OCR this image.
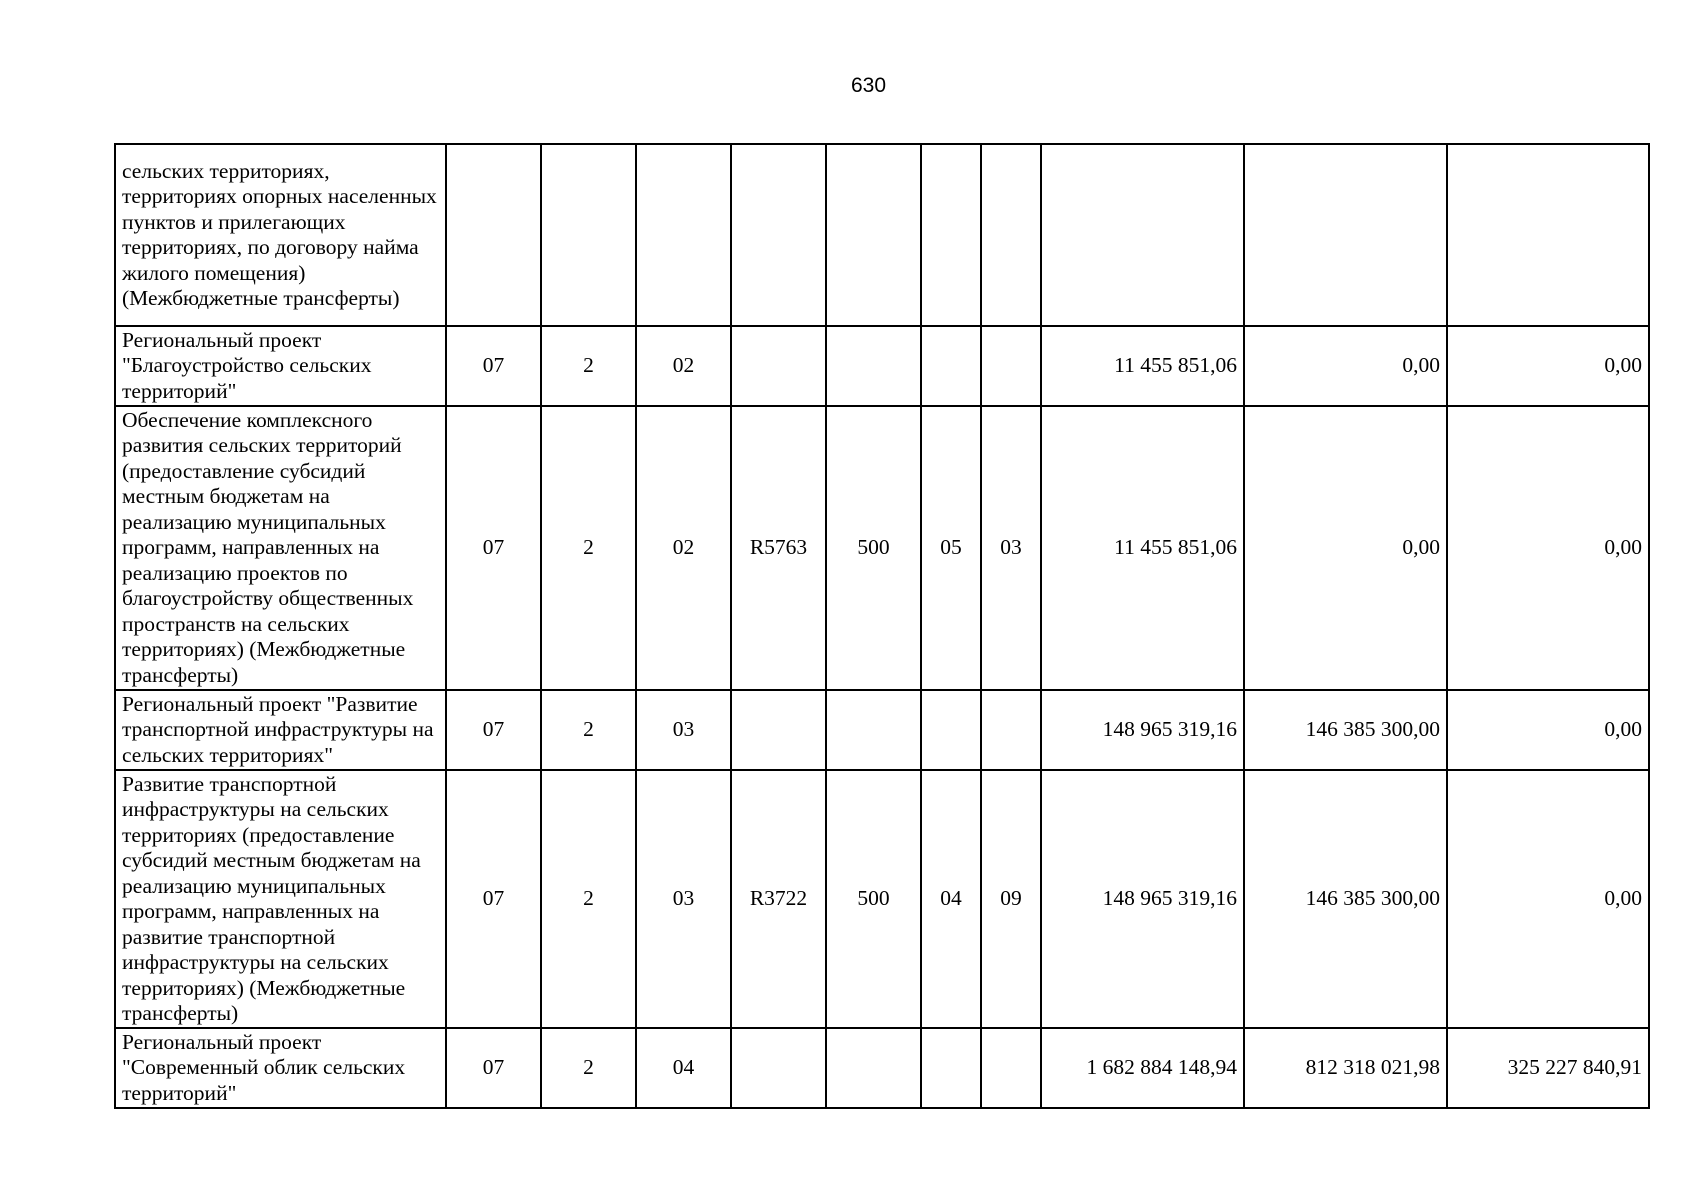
630
сельских территориях, территориях опорных населенных пунктов и прилегающих территориях, по договору найма жилого помещения) (Межбюджетные трансферты)										
Региональный проект "Благоустройство сельских территорий"	07	2	02					11 455 851,06	0,00	0,00
Обеспечение комплексного развития сельских территорий (предоставление субсидий местным бюджетам на реализацию муниципальных программ, направленных на реализацию проектов по благоустройству общественных пространств на сельских территориях) (Межбюджетные трансферты)	07	2	02	R5763	500	05	03	11 455 851,06	0,00	0,00
Региональный проект "Развитие транспортной инфраструктуры на сельских территориях"	07	2	03					148 965 319,16	146 385 300,00	0,00
Развитие транспортной инфраструктуры на сельских территориях (предоставление субсидий местным бюджетам на реализацию муниципальных программ, направленных на развитие транспортной инфраструктуры на сельских территориях) (Межбюджетные трансферты)	07	2	03	R3722	500	04	09	148 965 319,16	146 385 300,00	0,00
Региональный проект "Современный облик сельских территорий"	07	2	04					1 682 884 148,94	812 318 021,98	325 227 840,91
